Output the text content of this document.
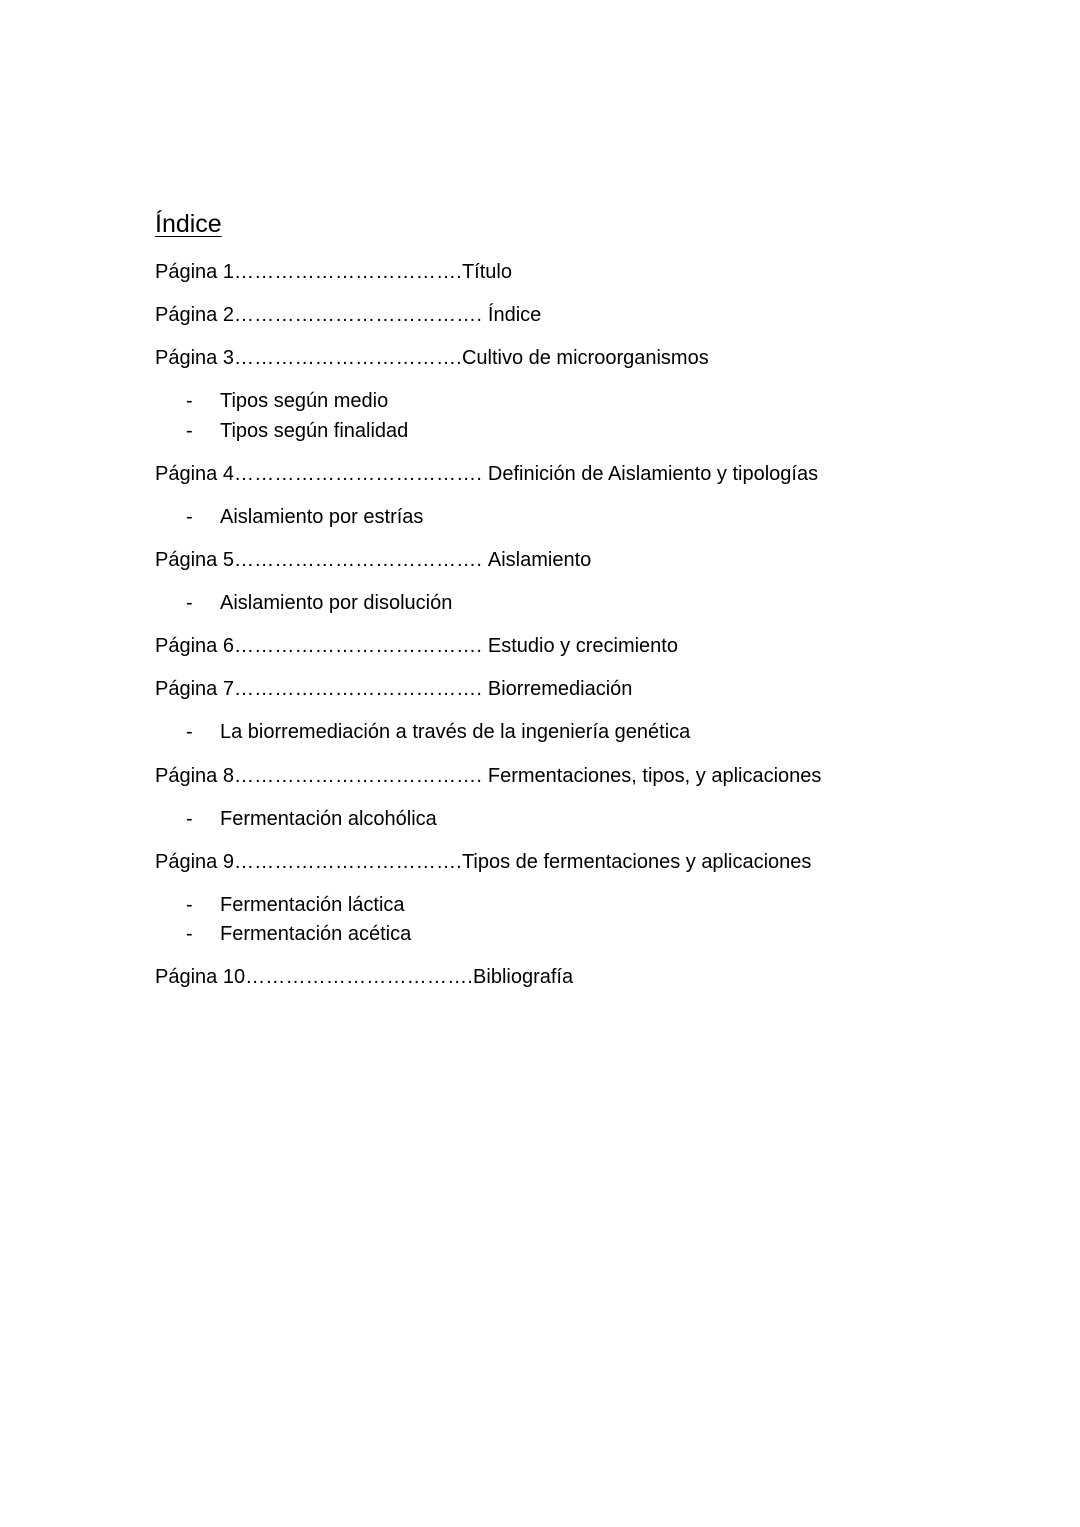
Índice
Página 1…………………………….Título
Página 2………………………………. Índice
Página 3…………………………….Cultivo de microorganismos
- Tipos según medio
- Tipos según finalidad
Página 4………………………………. Definición de Aislamiento y tipologías
- Aislamiento por estrías
Página 5………………………………. Aislamiento
- Aislamiento por disolución
Página 6………………………………. Estudio y crecimiento
Página 7………………………………. Biorremediación
- La biorremediación a través de la ingeniería genética
Página 8………………………………. Fermentaciones, tipos, y aplicaciones
- Fermentación alcohólica
Página 9…………………………….Tipos de fermentaciones y aplicaciones
- Fermentación láctica
- Fermentación acética
Página 10…………………………….Bibliografía
